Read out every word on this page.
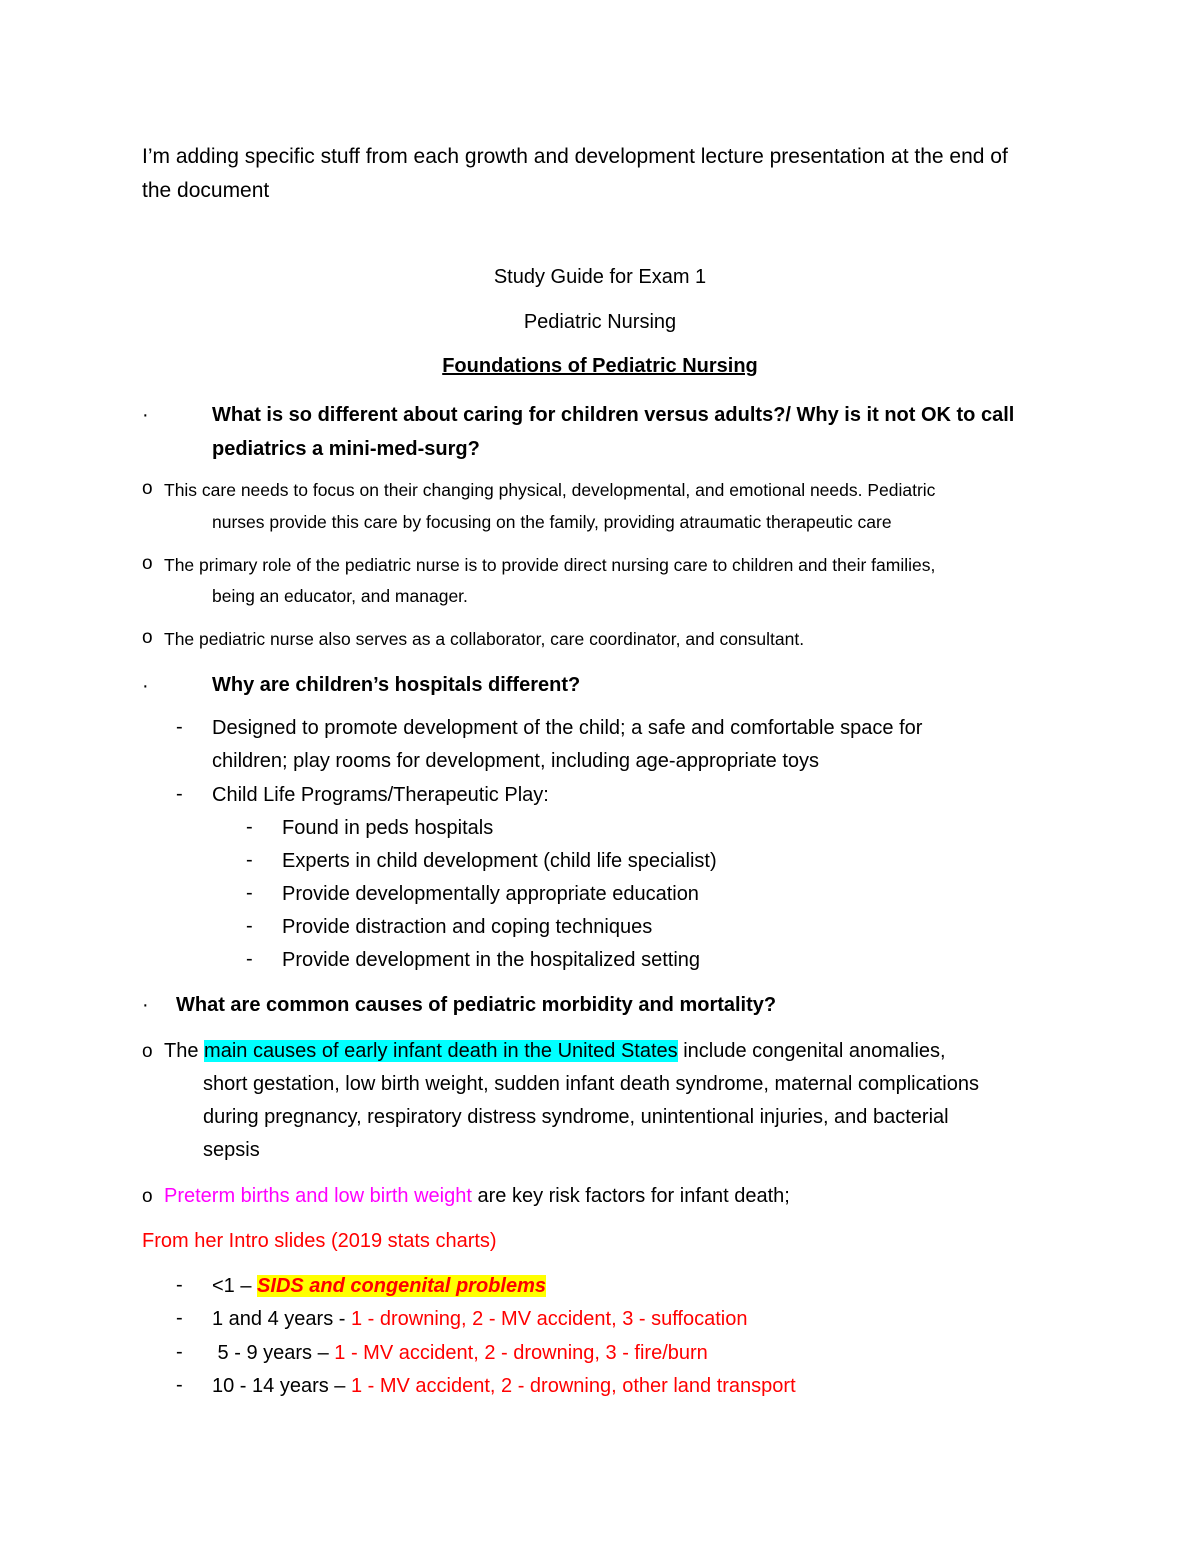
I’m adding specific stuff from each growth and development lecture presentation at the end of
the document
Study Guide for Exam 1
Pediatric Nursing
Foundations of Pediatric Nursing
·	What is so different about caring for children versus adults?/ Why is it not OK to call
pediatrics a mini-med-surg?
o This care needs to focus on their changing physical, developmental, and emotional needs. Pediatric
nurses provide this care by focusing on the family, providing atraumatic therapeutic care
o The primary role of the pediatric nurse is to provide direct nursing care to children and their families,
being an educator, and manager.
o The pediatric nurse also serves as a collaborator, care coordinator, and consultant.
·	Why are children’s hospitals different?
- Designed to promote development of the child; a safe and comfortable space for
children; play rooms for development, including age-appropriate toys
- Child Life Programs/Therapeutic Play:
- Found in peds hospitals
- Experts in child development (child life specialist)
- Provide developmentally appropriate education
- Provide distraction and coping techniques
- Provide development in the hospitalized setting
· What are common causes of pediatric morbidity and mortality?
o The main causes of early infant death in the United States include congenital anomalies,
short gestation, low birth weight, sudden infant death syndrome, maternal complications
during pregnancy, respiratory distress syndrome, unintentional injuries, and bacterial
sepsis
o Preterm births and low birth weight are key risk factors for infant death;
From her Intro slides (2019 stats charts)
- <1 – SIDS and congenital problems
- 1 and 4 years - 1 - drowning, 2 - MV accident, 3 - suffocation
- 5 - 9 years – 1 - MV accident, 2 - drowning, 3 - fire/burn
- 10 - 14 years – 1 - MV accident, 2 - drowning, other land transport
